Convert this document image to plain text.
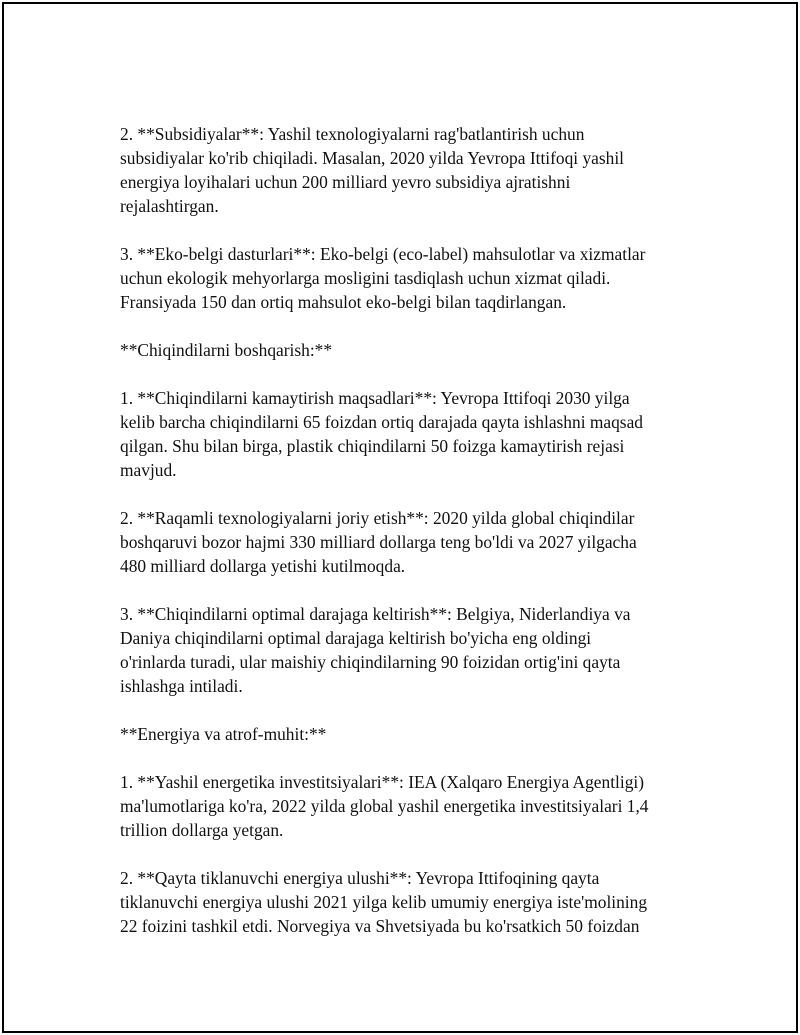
2. **Subsidiyalar**: Yashil texnologiyalarni rag'batlantirish uchun
subsidiyalar ko'rib chiqiladi. Masalan, 2020 yilda Yevropa Ittifoqi yashil
energiya loyihalari uchun 200 milliard yevro subsidiya ajratishni
rejalashtirgan.

3. **Eko-belgi dasturlari**: Eko-belgi (eco-label) mahsulotlar va xizmatlar
uchun ekologik mehyorlarga mosligini tasdiqlash uchun xizmat qiladi.
Fransiyada 150 dan ortiq mahsulot eko-belgi bilan taqdirlangan.

**Chiqindilarni boshqarish:**

1. **Chiqindilarni kamaytirish maqsadlari**: Yevropa Ittifoqi 2030 yilga
kelib barcha chiqindilarni 65 foizdan ortiq darajada qayta ishlashni maqsad
qilgan. Shu bilan birga, plastik chiqindilarni 50 foizga kamaytirish rejasi
mavjud.

2. **Raqamli texnologiyalarni joriy etish**: 2020 yilda global chiqindilar
boshqaruvi bozor hajmi 330 milliard dollarga teng bo'ldi va 2027 yilgacha
480 milliard dollarga yetishi kutilmoqda.

3. **Chiqindilarni optimal darajaga keltirish**: Belgiya, Niderlandiya va
Daniya chiqindilarni optimal darajaga keltirish bo'yicha eng oldingi
o'rinlarda turadi, ular maishiy chiqindilarning 90 foizidan ortig'ini qayta
ishlashga intiladi.

**Energiya va atrof-muhit:**

1. **Yashil energetika investitsiyalari**: IEA (Xalqaro Energiya Agentligi)
ma'lumotlariga ko'ra, 2022 yilda global yashil energetika investitsiyalari 1,4
trillion dollarga yetgan.

2. **Qayta tiklanuvchi energiya ulushi**: Yevropa Ittifoqining qayta
tiklanuvchi energiya ulushi 2021 yilga kelib umumiy energiya iste'molining
22 foizini tashkil etdi. Norvegiya va Shvetsiyada bu ko'rsatkich 50 foizdan
